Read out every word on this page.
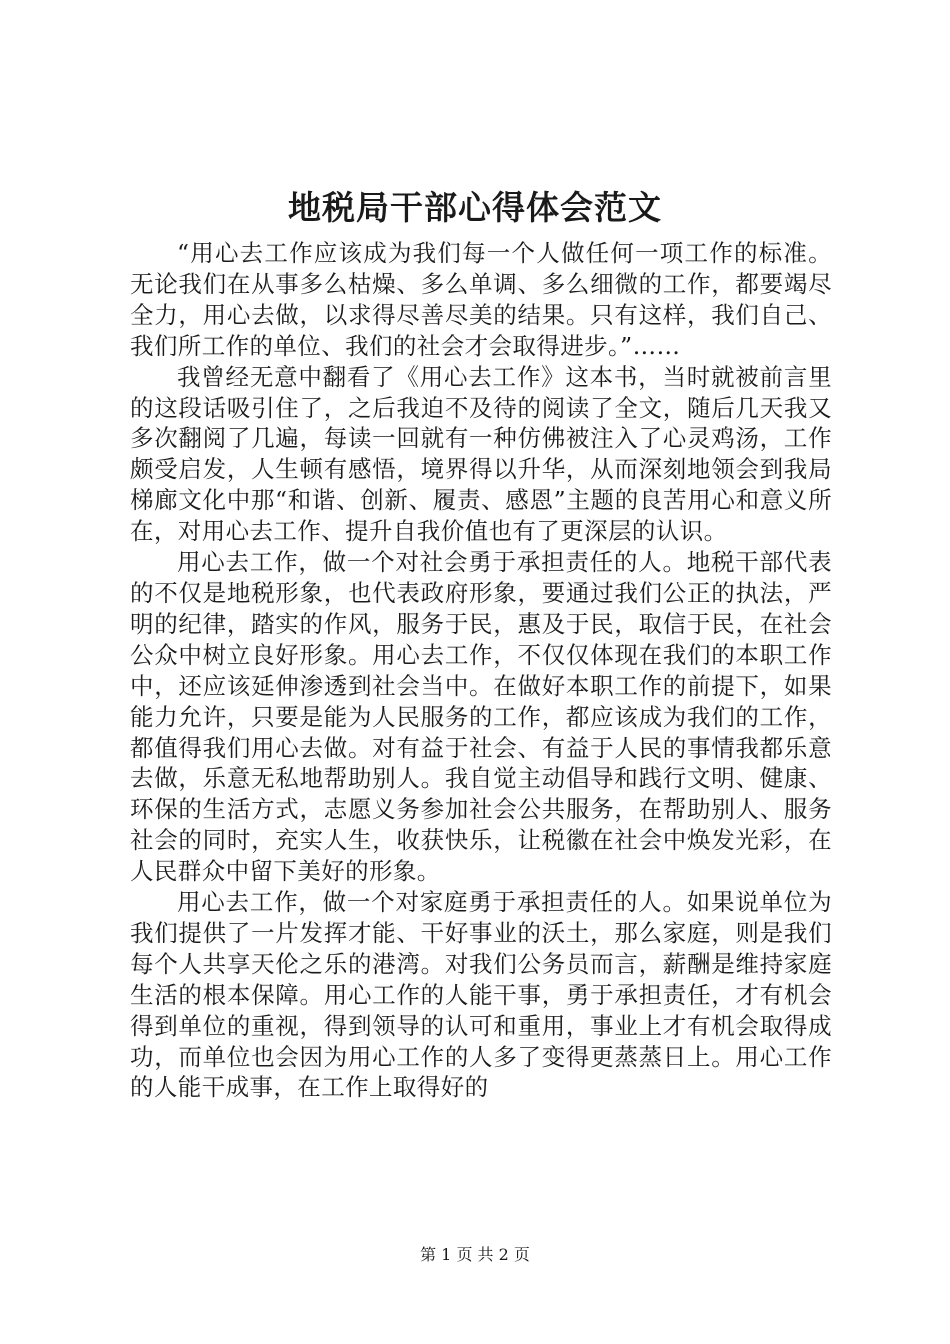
地税局干部心得体会范文

“用心去工作应该成为我们每一个人做任何一项工作的标准。无论我们在从事多么枯燥、多么单调、多么细微的工作，都要竭尽全力，用心去做，以求得尽善尽美的结果。只有这样，我们自己、我们所工作的单位、我们的社会才会取得进步。”……

我曾经无意中翻看了《用心去工作》这本书，当时就被前言里的这段话吸引住了，之后我迫不及待的阅读了全文，随后几天我又多次翻阅了几遍，每读一回就有一种仿佛被注入了心灵鸡汤，工作颇受启发，人生顿有感悟，境界得以升华，从而深刻地领会到我局梯廊文化中那“和谐、创新、履责、感恩”主题的良苦用心和意义所在，对用心去工作、提升自我价值也有了更深层的认识。

用心去工作，做一个对社会勇于承担责任的人。地税干部代表的不仅是地税形象，也代表政府形象，要通过我们公正的执法，严明的纪律，踏实的作风，服务于民，惠及于民，取信于民，在社会公众中树立良好形象。用心去工作，不仅仅体现在我们的本职工作中，还应该延伸渗透到社会当中。在做好本职工作的前提下，如果能力允许，只要是能为人民服务的工作，都应该成为我们的工作，都值得我们用心去做。对有益于社会、有益于人民的事情我都乐意去做，乐意无私地帮助别人。我自觉主动倡导和践行文明、健康、环保的生活方式，志愿义务参加社会公共服务，在帮助别人、服务社会的同时，充实人生，收获快乐，让税徽在社会中焕发光彩，在人民群众中留下美好的形象。

用心去工作，做一个对家庭勇于承担责任的人。如果说单位为我们提供了一片发挥才能、干好事业的沃土，那么家庭，则是我们每个人共享天伦之乐的港湾。对我们公务员而言，薪酬是维持家庭生活的根本保障。用心工作的人能干事，勇于承担责任，才有机会得到单位的重视，得到领导的认可和重用，事业上才有机会取得成功，而单位也会因为用心工作的人多了变得更蒸蒸日上。用心工作的人能干成事，在工作上取得好的

第 1 页 共 2 页
